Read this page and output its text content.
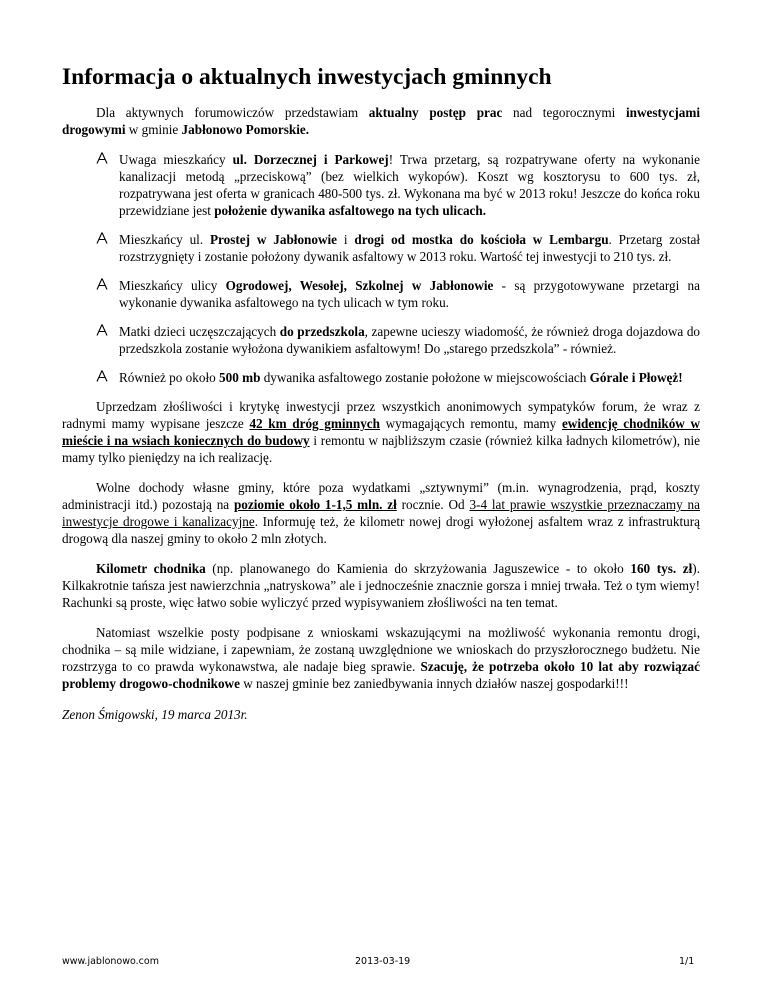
Informacja o aktualnych inwestycjach gminnych

Dla aktywnych forumowiczów przedstawiam aktualny postęp prac nad tegorocznymi inwestycjami drogowymi w gminie Jabłonowo Pomorskie.

Uwaga mieszkańcy ul. Dorzecznej i Parkowej! Trwa przetarg, są rozpatrywane oferty na wykonanie kanalizacji metodą „przeciskową” (bez wielkich wykopów). Koszt wg kosztorysu to 600 tys. zł, rozpatrywana jest oferta w granicach 480-500 tys. zł. Wykonana ma być w 2013 roku! Jeszcze do końca roku przewidziane jest położenie dywanika asfaltowego na tych ulicach.
Mieszkańcy ul. Prostej w Jabłonowie i drogi od mostka do kościoła w Lembargu. Przetarg został rozstrzygnięty i zostanie położony dywanik asfaltowy w 2013 roku. Wartość tej inwestycji to 210 tys. zł.
Mieszkańcy ulicy Ogrodowej, Wesołej, Szkolnej w Jabłonowie - są przygotowywane przetargi na wykonanie dywanika asfaltowego na tych ulicach w tym roku.
Matki dzieci uczęszczających do przedszkola, zapewne ucieszy wiadomość, że również droga dojazdowa do przedszkola zostanie wyłożona dywanikiem asfaltowym! Do „starego przedszkola” - również.
Również po około 500 mb dywanika asfaltowego zostanie położone w miejscowościach Górale i Płowęż!

Uprzedzam złośliwości i krytykę inwestycji przez wszystkich anonimowych sympatyków forum, że wraz z radnymi mamy wypisane jeszcze 42 km dróg gminnych wymagających remontu, mamy ewidencję chodników w mieście i na wsiach koniecznych do budowy i remontu w najbliższym czasie (również kilka ładnych kilometrów), nie mamy tylko pieniędzy na ich realizację.

Wolne dochody własne gminy, które poza wydatkami „sztywnymi” (m.in. wynagrodzenia, prąd, koszty administracji itd.) pozostają na poziomie około 1-1,5 mln. zł rocznie. Od 3-4 lat prawie wszystkie przeznaczamy na inwestycje drogowe i kanalizacyjne. Informuję też, że kilometr nowej drogi wyłożonej asfaltem wraz z infrastrukturą drogową dla naszej gminy to około 2 mln złotych.

Kilometr chodnika (np. planowanego do Kamienia do skrzyżowania Jaguszewice - to około 160 tys. zł). Kilkakrotnie tańsza jest nawierzchnia „natryskowa” ale i jednocześnie znacznie gorsza i mniej trwała. Też o tym wiemy! Rachunki są proste, więc łatwo sobie wyliczyć przed wypisywaniem złośliwości na ten temat.

Natomiast wszelkie posty podpisane z wnioskami wskazującymi na możliwość wykonania remontu drogi, chodnika – są mile widziane, i zapewniam, że zostaną uwzględnione we wnioskach do przyszłorocznego budżetu. Nie rozstrzyga to co prawda wykonawstwa, ale nadaje bieg sprawie. Szacuję, że potrzeba około 10 lat aby rozwiązać problemy drogowo-chodnikowe w naszej gminie bez zaniedbywania innych działów naszej gospodarki!!!

Zenon Śmigowski, 19 marca 2013r.

www.jablonowo.com	2013-03-19	1/1
